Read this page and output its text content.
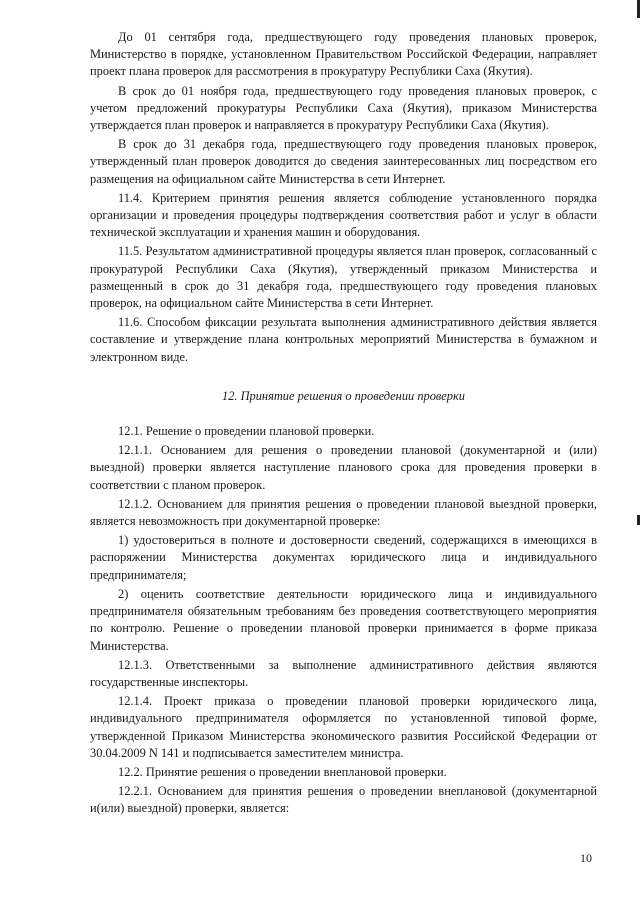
До 01 сентября года, предшествующего году проведения плановых проверок, Министерство в порядке, установленном Правительством Российской Федерации, направляет проект плана проверок для рассмотрения в прокуратуру Республики Саха (Якутия).

В срок до 01 ноября года, предшествующего году проведения плановых проверок, с учетом предложений прокуратуры Республики Саха (Якутия), приказом Министерства утверждается план проверок и направляется в прокуратуру Республики Саха (Якутия).

В срок до 31 декабря года, предшествующего году проведения плановых проверок, утвержденный план проверок доводится до сведения заинтересованных лиц посредством его размещения на официальном сайте Министерства в сети Интернет.

11.4. Критерием принятия решения является соблюдение установленного порядка организации и проведения процедуры подтверждения соответствия работ и услуг в области технической эксплуатации и хранения машин и оборудования.

11.5. Результатом административной процедуры является план проверок, согласованный с прокуратурой Республики Саха (Якутия), утвержденный приказом Министерства и размещенный в срок до 31 декабря года, предшествующего году проведения плановых проверок, на официальном сайте Министерства в сети Интернет.

11.6. Способом фиксации результата выполнения административного действия является составление и утверждение плана контрольных мероприятий Министерства в бумажном и электронном виде.

12. Принятие решения о проведении проверки

12.1. Решение о проведении плановой проверки.

12.1.1. Основанием для решения о проведении плановой (документарной и (или) выездной) проверки является наступление планового срока для проведения проверки в соответствии с планом проверок.

12.1.2. Основанием для принятия решения о проведении плановой выездной проверки, является невозможность при документарной проверке:

1) удостовериться в полноте и достоверности сведений, содержащихся в имеющихся в распоряжении Министерства документах юридического лица и индивидуального предпринимателя;

2) оценить соответствие деятельности юридического лица и индивидуального предпринимателя обязательным требованиям без проведения соответствующего мероприятия по контролю. Решение о проведении плановой проверки принимается в форме приказа Министерства.

12.1.3. Ответственными за выполнение административного действия являются государственные инспекторы.

12.1.4. Проект приказа о проведении плановой проверки юридического лица, индивидуального предпринимателя оформляется по установленной типовой форме, утвержденной Приказом Министерства экономического развития Российской Федерации от 30.04.2009 N 141 и подписывается заместителем министра.

12.2. Принятие решения о проведении внеплановой проверки.

12.2.1. Основанием для принятия решения о проведении внеплановой (документарной и(или) выездной) проверки, является:

10
